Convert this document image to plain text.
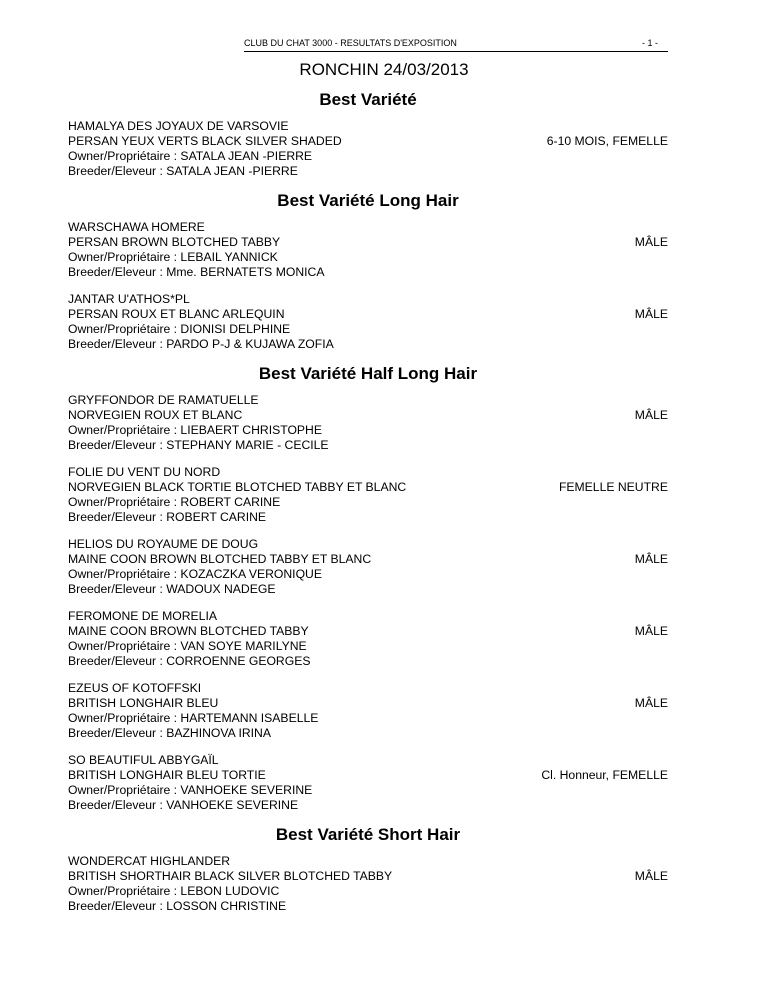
CLUB DU CHAT 3000 - RESULTATS D'EXPOSITION	- 1 -
RONCHIN 24/03/2013
Best Variété
HAMALYA DES JOYAUX DE VARSOVIE
PERSAN YEUX VERTS BLACK SILVER SHADED
Owner/Propriétaire : SATALA JEAN -PIERRE
Breeder/Eleveur : SATALA JEAN -PIERRE
6-10 MOIS, FEMELLE
Best Variété Long Hair
WARSCHAWA HOMERE
PERSAN BROWN BLOTCHED TABBY
Owner/Propriétaire : LEBAIL YANNICK
Breeder/Eleveur : Mme. BERNATETS MONICA
MÂLE
JANTAR U'ATHOS*PL
PERSAN ROUX ET BLANC ARLEQUIN
Owner/Propriétaire : DIONISI DELPHINE
Breeder/Eleveur : PARDO P-J & KUJAWA ZOFIA
MÂLE
Best Variété Half Long Hair
GRYFFONDOR DE RAMATUELLE
NORVEGIEN ROUX ET BLANC
Owner/Propriétaire : LIEBAERT CHRISTOPHE
Breeder/Eleveur : STEPHANY MARIE - CECILE
MÂLE
FOLIE DU VENT DU NORD
NORVEGIEN BLACK TORTIE BLOTCHED TABBY ET BLANC
Owner/Propriétaire : ROBERT CARINE
Breeder/Eleveur : ROBERT CARINE
FEMELLE NEUTRE
HELIOS DU ROYAUME DE DOUG
MAINE COON BROWN BLOTCHED TABBY ET BLANC
Owner/Propriétaire : KOZACZKA VERONIQUE
Breeder/Eleveur : WADOUX NADEGE
MÂLE
FEROMONE DE MORELIA
MAINE COON BROWN BLOTCHED TABBY
Owner/Propriétaire : VAN SOYE MARILYNE
Breeder/Eleveur : CORROENNE GEORGES
MÂLE
EZEUS OF KOTOFFSKI
BRITISH LONGHAIR BLEU
Owner/Propriétaire : HARTEMANN ISABELLE
Breeder/Eleveur : BAZHINOVA IRINA
MÂLE
SO BEAUTIFUL ABBYGAÏL
BRITISH LONGHAIR BLEU TORTIE
Owner/Propriétaire : VANHOEKE SEVERINE
Breeder/Eleveur : VANHOEKE SEVERINE
Cl. Honneur, FEMELLE
Best Variété Short Hair
WONDERCAT HIGHLANDER
BRITISH SHORTHAIR BLACK SILVER BLOTCHED TABBY
Owner/Propriétaire : LEBON LUDOVIC
Breeder/Eleveur : LOSSON CHRISTINE
MÂLE
